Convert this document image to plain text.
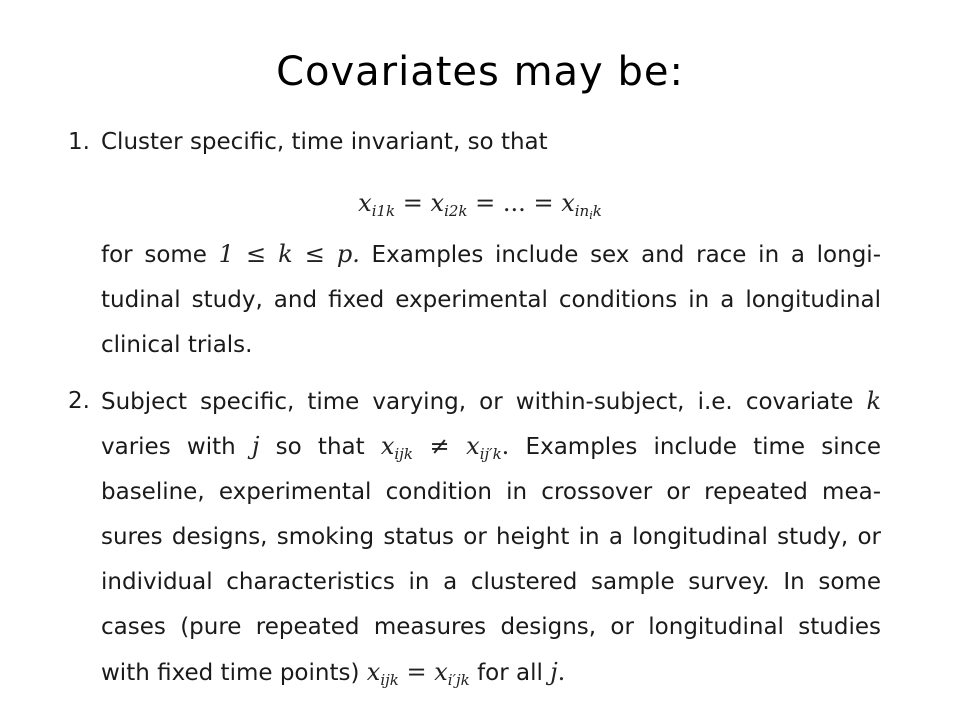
Covariates may be:
1. Cluster specific, time invariant, so that
$x_{i1k} = x_{i2k}$ = ... = $x_{in_ik}$
for some 1 ≤ k ≤ p. Examples include sex and race in a longi-
tudinal study, and fixed experimental conditions in a longitudinal
clinical trials.
2. Subject specific, time varying, or within-subject, i.e. covariate k
varies with j so that $x_{ijk} \ne x_{ij'k}$. Examples include time since
baseline, experimental condition in crossover or repeated mea-
sures designs, smoking status or height in a longitudinal study, or
individual characteristics in a clustered sample survey. In some
cases (pure repeated measures designs, or longitudinal studies
with fixed time points) $x_{ijk} = x_{i'jk}$ for all j.
